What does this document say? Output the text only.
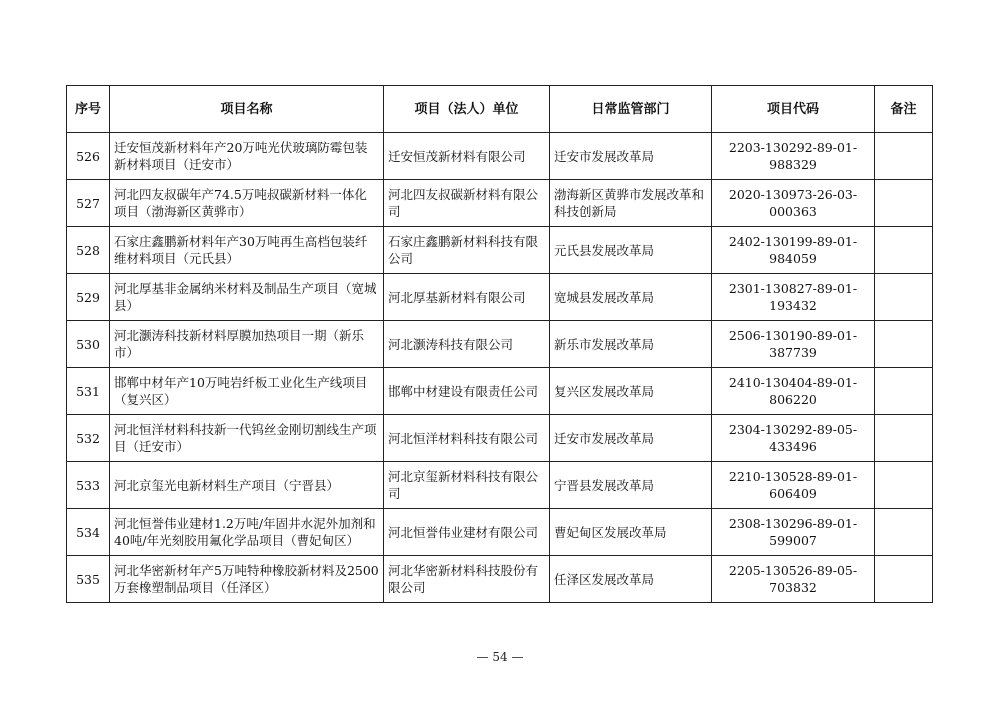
序号	项目名称	项目（法人）单位	日常监管部门	项目代码	备注
526	迁安恒茂新材料年产20万吨光伏玻璃防霉包装新材料项目（迁安市）	迁安恒茂新材料有限公司	迁安市发展改革局	2203-130292-89-01-988329	
527	河北四友叔碳年产74.5万吨叔碳新材料一体化项目（渤海新区黄骅市）	河北四友叔碳新材料有限公司	渤海新区黄骅市发展改革和科技创新局	2020-130973-26-03-000363	
528	石家庄鑫鹏新材料年产30万吨再生高档包装纤维材料项目（元氏县）	石家庄鑫鹏新材料科技有限公司	元氏县发展改革局	2402-130199-89-01-984059	
529	河北厚基非金属纳米材料及制品生产项目（宽城县）	河北厚基新材料有限公司	宽城县发展改革局	2301-130827-89-01-193432	
530	河北灏涛科技新材料厚膜加热项目一期（新乐市）	河北灏涛科技有限公司	新乐市发展改革局	2506-130190-89-01-387739	
531	邯郸中材年产10万吨岩纤板工业化生产线项目（复兴区）	邯郸中材建设有限责任公司	复兴区发展改革局	2410-130404-89-01-806220	
532	河北恒洋材料科技新一代钨丝金刚切割线生产项目（迁安市）	河北恒洋材料科技有限公司	迁安市发展改革局	2304-130292-89-05-433496	
533	河北京玺光电新材料生产项目（宁晋县）	河北京玺新材料科技有限公司	宁晋县发展改革局	2210-130528-89-01-606409	
534	河北恒誉伟业建材1.2万吨/年固井水泥外加剂和40吨/年光刻胶用氟化学品项目（曹妃甸区）	河北恒誉伟业建材有限公司	曹妃甸区发展改革局	2308-130296-89-01-599007	
535	河北华密新材年产5万吨特种橡胶新材料及2500万套橡塑制品项目（任泽区）	河北华密新材料科技股份有限公司	任泽区发展改革局	2205-130526-89-05-703832	
— 54 —
